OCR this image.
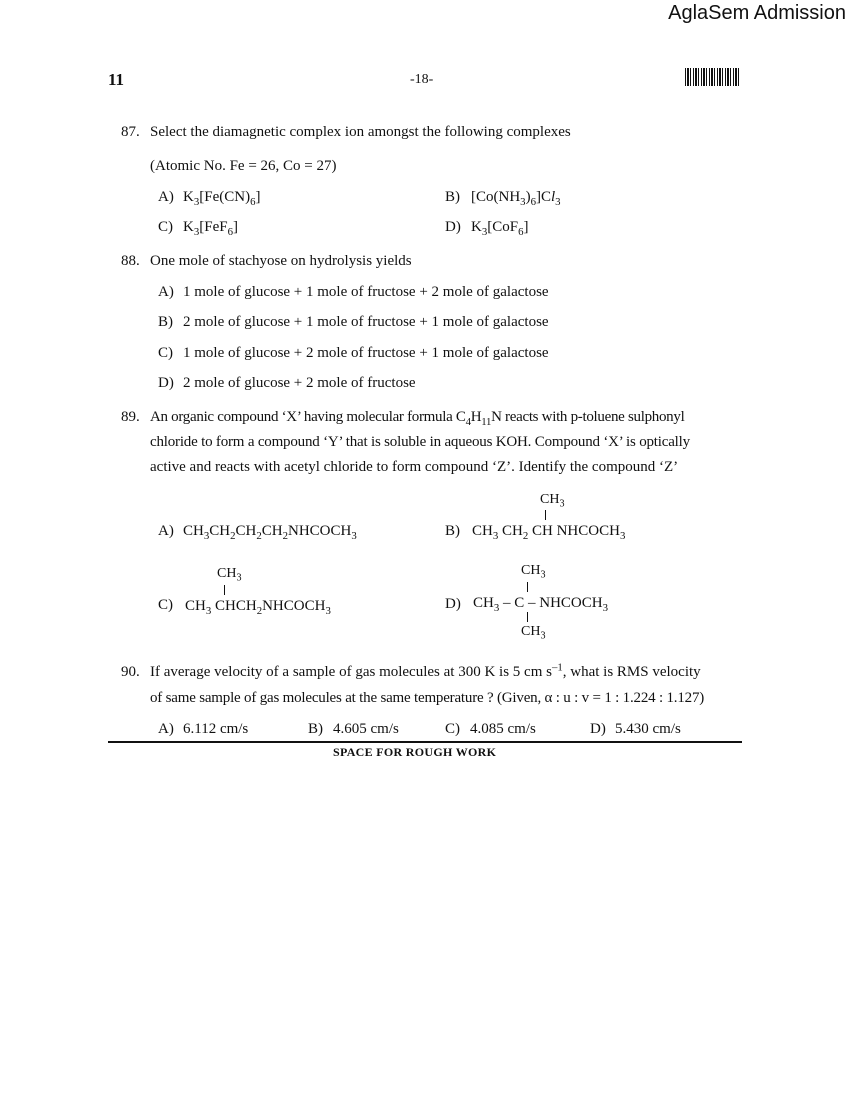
AglaSem Admission
11	-18-
87. Select the diamagnetic complex ion amongst the following complexes
(Atomic No. Fe = 26, Co = 27)
A) $K_3[Fe(CN)_6]$	B) $[Co(NH_3)_6]Cl_3$
C) $K_3[FeF_6]$	D) $K_3[CoF_6]$
88. One mole of stachyose on hydrolysis yields
A) 1 mole of glucose + 1 mole of fructose + 2 mole of galactose
B) 2 mole of glucose + 1 mole of fructose + 1 mole of galactose
C) 1 mole of glucose + 2 mole of fructose + 1 mole of galactose
D) 2 mole of glucose + 2 mole of fructose
89. An organic compound ‘X’ having molecular formula $C_4H_{11}N$ reacts with p-toluene sulphonyl
chloride to form a compound ‘Y’ that is soluble in aqueous KOH. Compound ‘X’ is optically
active and reacts with acetyl chloride to form compound ‘Z’. Identify the compound ‘Z’
A) $CH_3CH_2CH_2CH_2NHCOCH_3$
$CH_3$
B) $CH_3$ $CH_2$ CH $NHCOCH_3$
$CH_3$
C) $CH_3$ $CHCH_2NHCOCH_3$
$CH_3$
D) $CH_3$ – C – $NHCOCH_3$
$CH_3$
90. If average velocity of a sample of gas molecules at 300 K is 5 cm $s^{-1}$, what is RMS velocity
of same sample of gas molecules at the same temperature ? (Given, α : u : v = 1 : 1.224 : 1.127)
A) 6.112 cm/s	B) 4.605 cm/s	C) 4.085 cm/s	D) 5.430 cm/s
SPACE FOR ROUGH WORK
